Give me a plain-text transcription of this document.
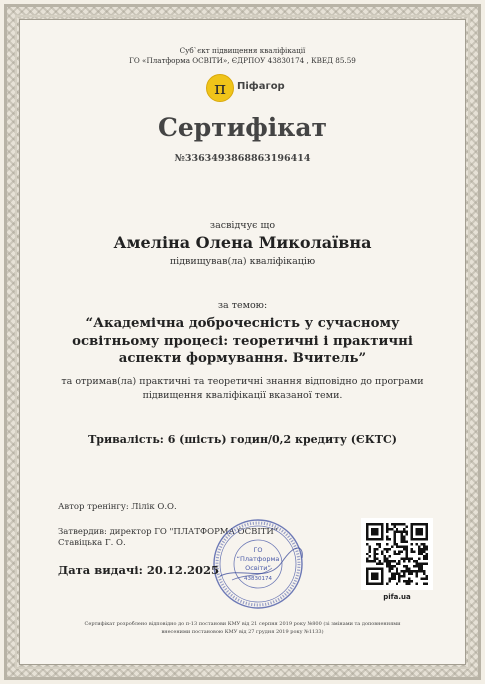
Суб`єкт підвищення кваліфікації
ГО «Платформа ОСВІТИ», ЄДРПОУ 43830174 , КВЕД 85.59
π	Піфагор
Сертифікат
№3363493868863196414
засвідчує що
Амеліна Олена Миколаївна
підвищував(ла) кваліфікацію
за темою:
“Академічна доброчесність у сучасному
освітньому процесі: теоретичні і практичні
аспекти формування. Вчитель”
та отримав(ла) практичні та теоретичні знання відповідно до програми
підвищення кваліфікації вказаної теми.
Тривалість: 6 (шість) годин/0,2 кредиту (ЄКТС)
Автор тренінгу: Лілік О.О.
Затвердив: директор ГО "ПЛАТФОРМА ОСВІТИ"
Ставіцька Г. О.
ГО
“Платформа
Освіти”
43830174
Дата видачі: 20.12.2025
pifa.ua
Сертифікат розроблено відповідно до п-13 постанови КМУ від 21 серпня 2019 року №800 (зі змінами та доповненнями
внесеними постановою КМУ від 27 грудня 2019 року №1133)
